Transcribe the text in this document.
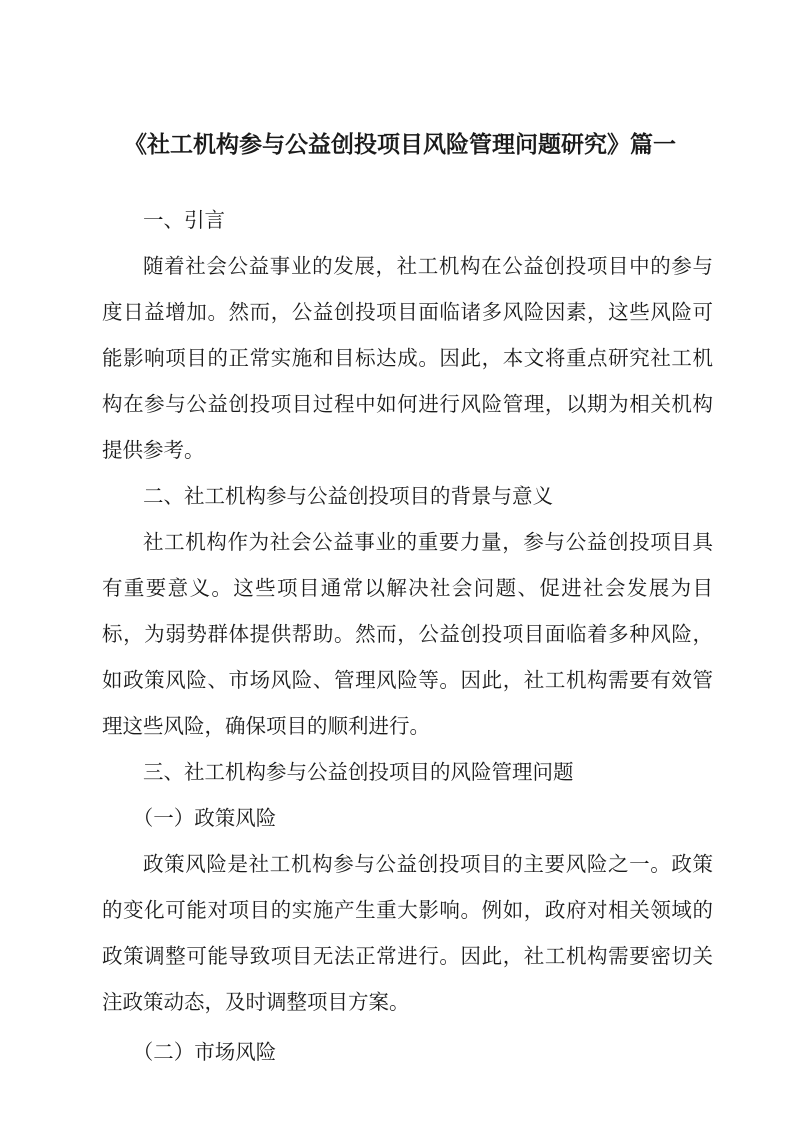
《社工机构参与公益创投项目风险管理问题研究》篇一

一、引言

随着社会公益事业的发展，社工机构在公益创投项目中的参与度日益增加。然而，公益创投项目面临诸多风险因素，这些风险可能影响项目的正常实施和目标达成。因此，本文将重点研究社工机构在参与公益创投项目过程中如何进行风险管理，以期为相关机构提供参考。

二、社工机构参与公益创投项目的背景与意义

社工机构作为社会公益事业的重要力量，参与公益创投项目具有重要意义。这些项目通常以解决社会问题、促进社会发展为目标，为弱势群体提供帮助。然而，公益创投项目面临着多种风险，如政策风险、市场风险、管理风险等。因此，社工机构需要有效管理这些风险，确保项目的顺利进行。

三、社工机构参与公益创投项目的风险管理问题

（一）政策风险

政策风险是社工机构参与公益创投项目的主要风险之一。政策的变化可能对项目的实施产生重大影响。例如，政府对相关领域的政策调整可能导致项目无法正常进行。因此，社工机构需要密切关注政策动态，及时调整项目方案。

（二）市场风险
